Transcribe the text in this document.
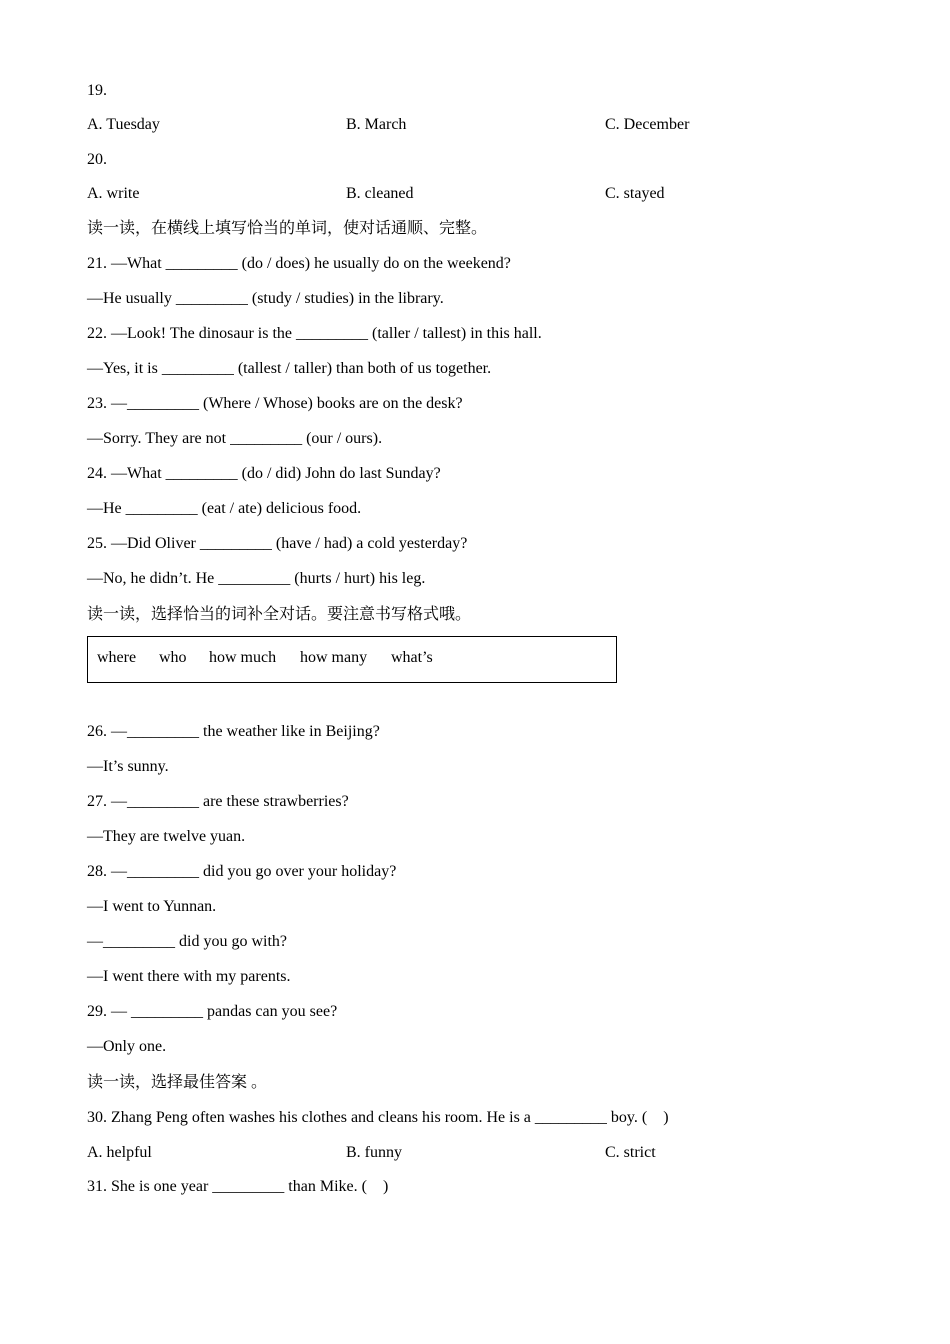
19.
A. Tuesday	B. March	C. December
20.
A. write	B. cleaned	C. stayed
读一读，在横线上填写恰当的单词，使对话通顺、完整。
21. —What _________ (do / does) he usually do on the weekend?
—He usually _________ (study / studies) in the library.
22. —Look! The dinosaur is the _________ (taller / tallest) in this hall.
—Yes, it is _________ (tallest / taller) than both of us together.
23. —_________ (Where / Whose) books are on the desk?
—Sorry. They are not _________ (our / ours).
24. —What _________ (do / did) John do last Sunday?
—He _________ (eat / ate) delicious food.
25. —Did Oliver _________ (have / had) a cold yesterday?
—No, he didn’t. He _________ (hurts / hurt) his leg.
读一读，选择恰当的词补全对话。要注意书写格式哦。
where who how much how many what’s
26. —_________ the weather like in Beijing?
—It’s sunny.
27. —_________ are these strawberries?
—They are twelve yuan.
28. —_________ did you go over your holiday?
—I went to Yunnan.
—_________ did you go with?
—I went there with my parents.
29. — _________ pandas can you see?
—Only one.
读一读，选择最佳答案 。
30. Zhang Peng often washes his clothes and cleans his room. He is a _________ boy. (    )
A. helpful	B. funny	C. strict
31. She is one year _________ than Mike. (    )
